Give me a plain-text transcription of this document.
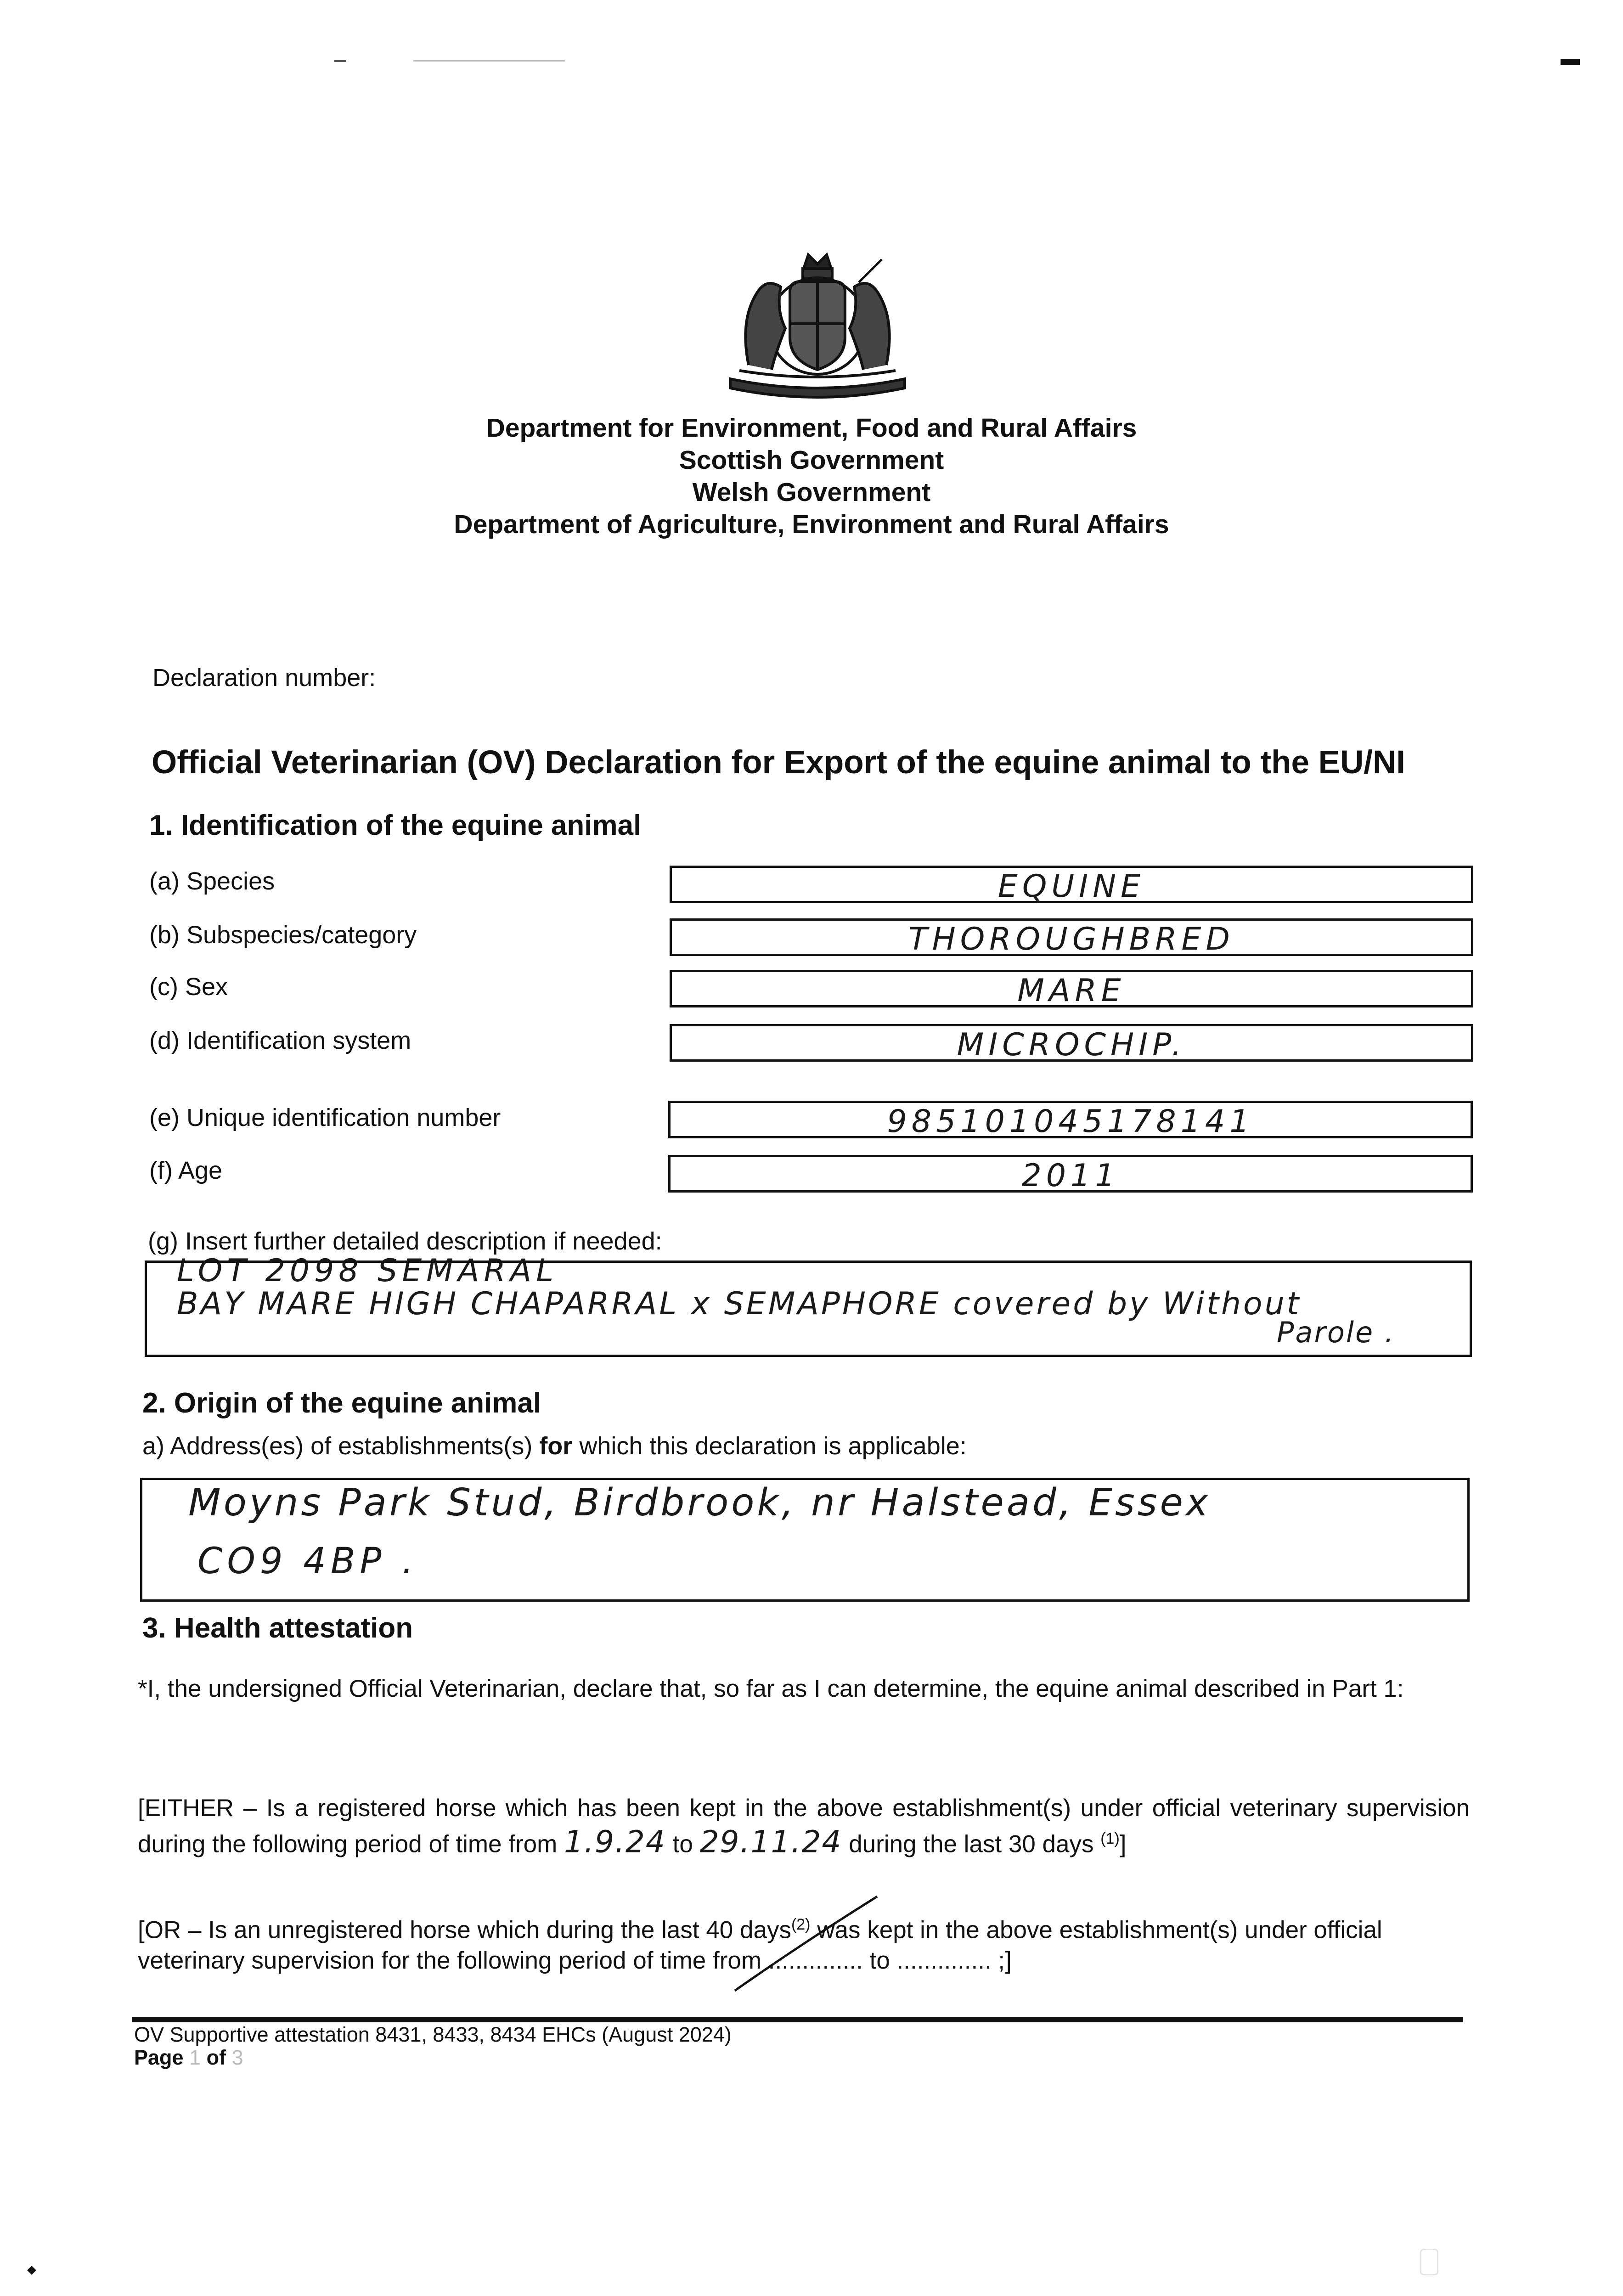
Department for Environment, Food and Rural Affairs
Scottish Government
Welsh Government
Department of Agriculture, Environment and Rural Affairs
Declaration number:
Official Veterinarian (OV) Declaration for Export of the equine animal to the EU/NI
1. Identification of the equine animal
(a) Species	EQUINE
(b) Subspecies/category	THOROUGHBRED
(c) Sex	MARE
(d) Identification system	MICROCHIP.
(e) Unique identification number	985101045178141
(f) Age	2011
(g) Insert further detailed description if needed:
LOT 2098 SEMARAL
BAY MARE HIGH CHAPARRAL x SEMAPHORE covered by Without
Parole .
2. Origin of the equine animal
a) Address(es) of establishments(s) for which this declaration is applicable:
Moyns Park Stud, Birdbrook, nr Halstead, Essex
CO9 4BP .
3. Health attestation
*I, the undersigned Official Veterinarian, declare that, so far as I can determine, the equine animal described in Part 1:
[EITHER – Is a registered horse which has been kept in the above establishment(s) under official veterinary supervision during the following period of time from 1.9.24 to 29.11.24 during the last 30 days $^{(1)}$]
[OR – Is an unregistered horse which during the last 40 days$^{(2)}$ was kept in the above establishment(s) under official veterinary supervision for the following period of time from .............. to .............. ;]
OV Supportive attestation 8431, 8433, 8434 EHCs (August 2024)
Page 1 of 3
